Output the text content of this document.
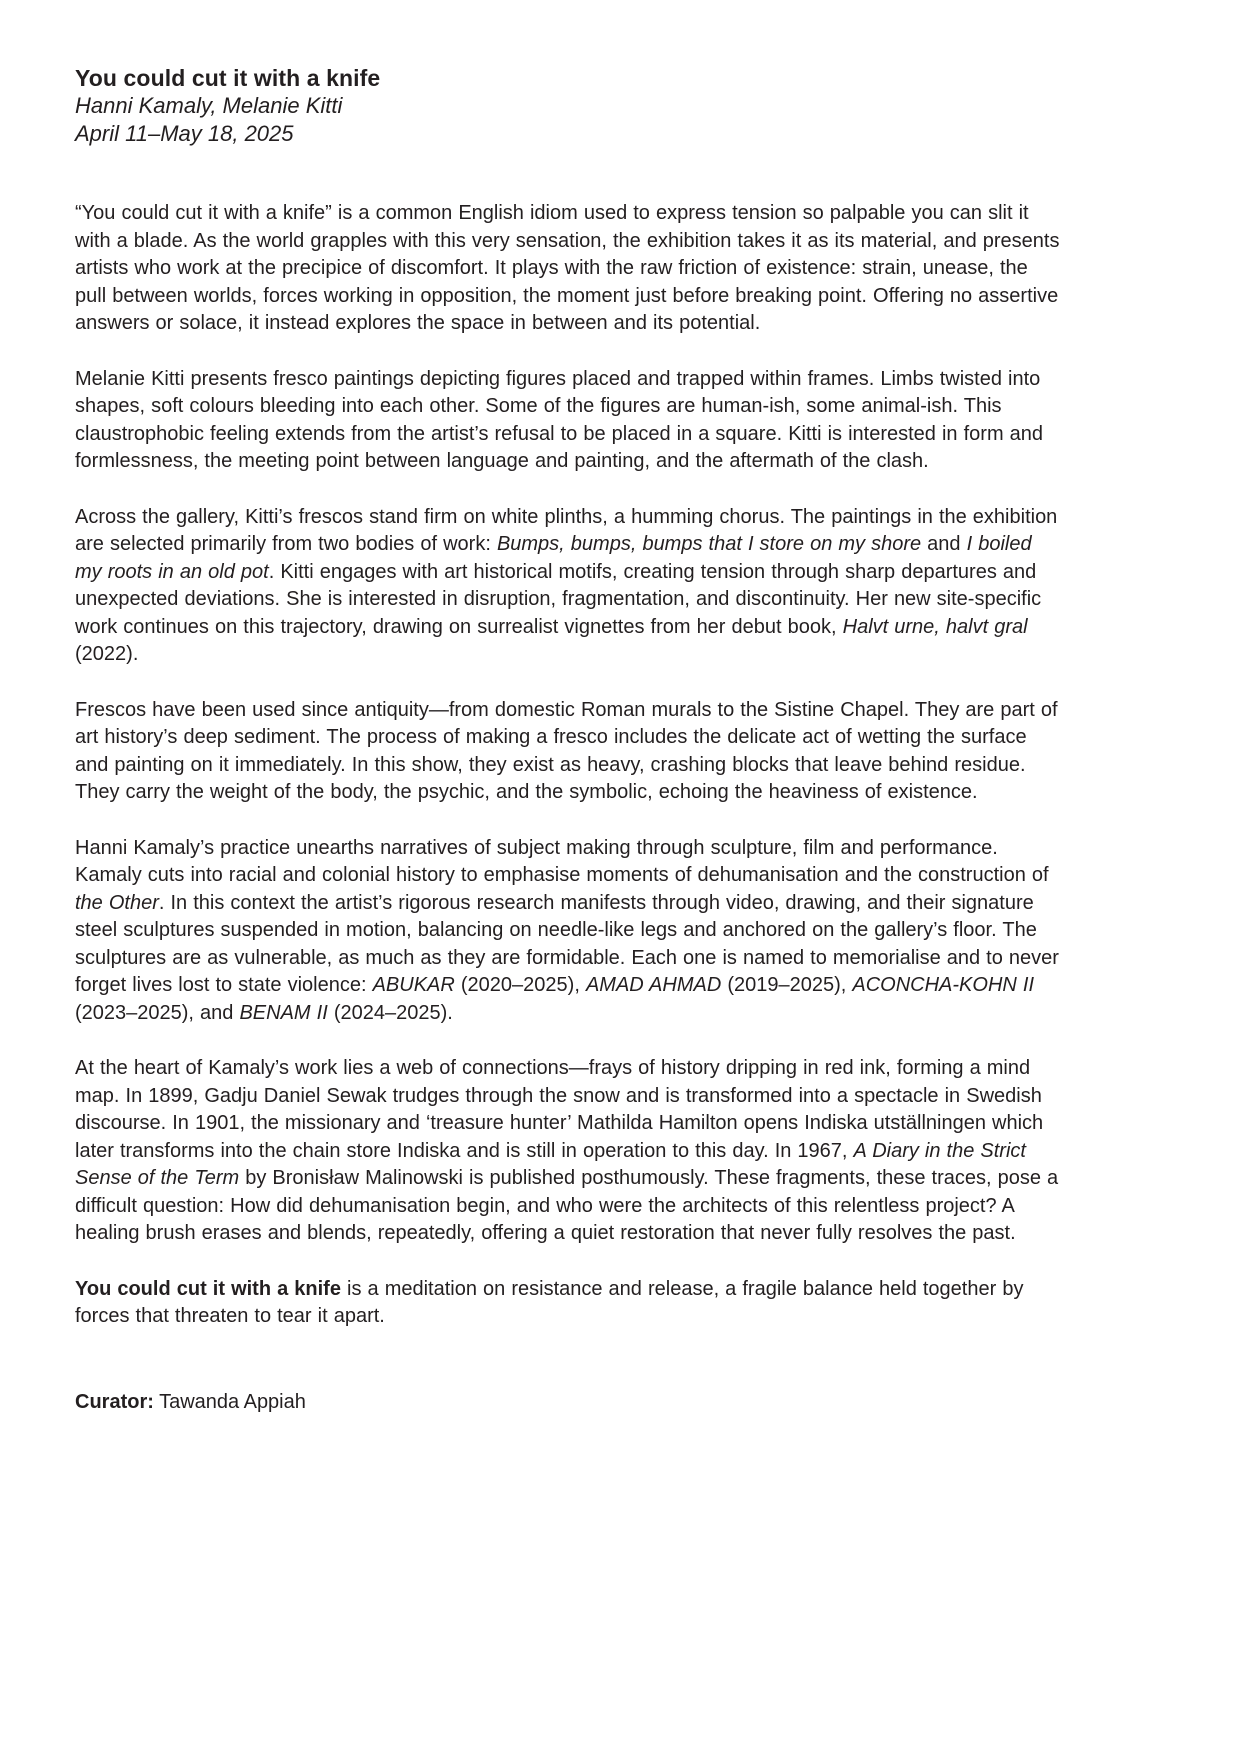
You could cut it with a knife
Hanni Kamaly, Melanie Kitti
April 11–May 18, 2025

“You could cut it with a knife” is a common English idiom used to express tension so palpable you can slit it with a blade. As the world grapples with this very sensation, the exhibition takes it as its material, and presents artists who work at the precipice of discomfort. It plays with the raw friction of existence: strain, unease, the pull between worlds, forces working in opposition, the moment just before breaking point. Offering no assertive answers or solace, it instead explores the space in between and its potential.

Melanie Kitti presents fresco paintings depicting figures placed and trapped within frames. Limbs twisted into shapes, soft colours bleeding into each other. Some of the figures are human-ish, some animal-ish. This claustrophobic feeling extends from the artist’s refusal to be placed in a square. Kitti is interested in form and formlessness, the meeting point between language and painting, and the aftermath of the clash.

Across the gallery, Kitti’s frescos stand firm on white plinths, a humming chorus. The paintings in the exhibition are selected primarily from two bodies of work: Bumps, bumps, bumps that I store on my shore and I boiled my roots in an old pot. Kitti engages with art historical motifs, creating tension through sharp departures and unexpected deviations. She is interested in disruption, fragmentation, and discontinuity. Her new site-specific work continues on this trajectory, drawing on surrealist vignettes from her debut book, Halvt urne, halvt gral (2022).

Frescos have been used since antiquity—from domestic Roman murals to the Sistine Chapel. They are part of art history’s deep sediment. The process of making a fresco includes the delicate act of wetting the surface and painting on it immediately. In this show, they exist as heavy, crashing blocks that leave behind residue. They carry the weight of the body, the psychic, and the symbolic, echoing the heaviness of existence.

Hanni Kamaly’s practice unearths narratives of subject making through sculpture, film and performance. Kamaly cuts into racial and colonial history to emphasise moments of dehumanisation and the construction of the Other. In this context the artist’s rigorous research manifests through video, drawing, and their signature steel sculptures suspended in motion, balancing on needle-like legs and anchored on the gallery’s floor. The sculptures are as vulnerable, as much as they are formidable. Each one is named to memorialise and to never forget lives lost to state violence: ABUKAR (2020–2025), AMAD AHMAD (2019–2025), ACONCHA-KOHN II (2023–2025), and BENAM II (2024–2025).

At the heart of Kamaly’s work lies a web of connections—frays of history dripping in red ink, forming a mind map. In 1899, Gadju Daniel Sewak trudges through the snow and is transformed into a spectacle in Swedish discourse. In 1901, the missionary and ‘treasure hunter’ Mathilda Hamilton opens Indiska utställningen which later transforms into the chain store Indiska and is still in operation to this day. In 1967, A Diary in the Strict Sense of the Term by Bronisław Malinowski is published posthumously. These fragments, these traces, pose a difficult question: How did dehumanisation begin, and who were the architects of this relentless project? A healing brush erases and blends, repeatedly, offering a quiet restoration that never fully resolves the past.

You could cut it with a knife is a meditation on resistance and release, a fragile balance held together by forces that threaten to tear it apart.

Curator: Tawanda Appiah
